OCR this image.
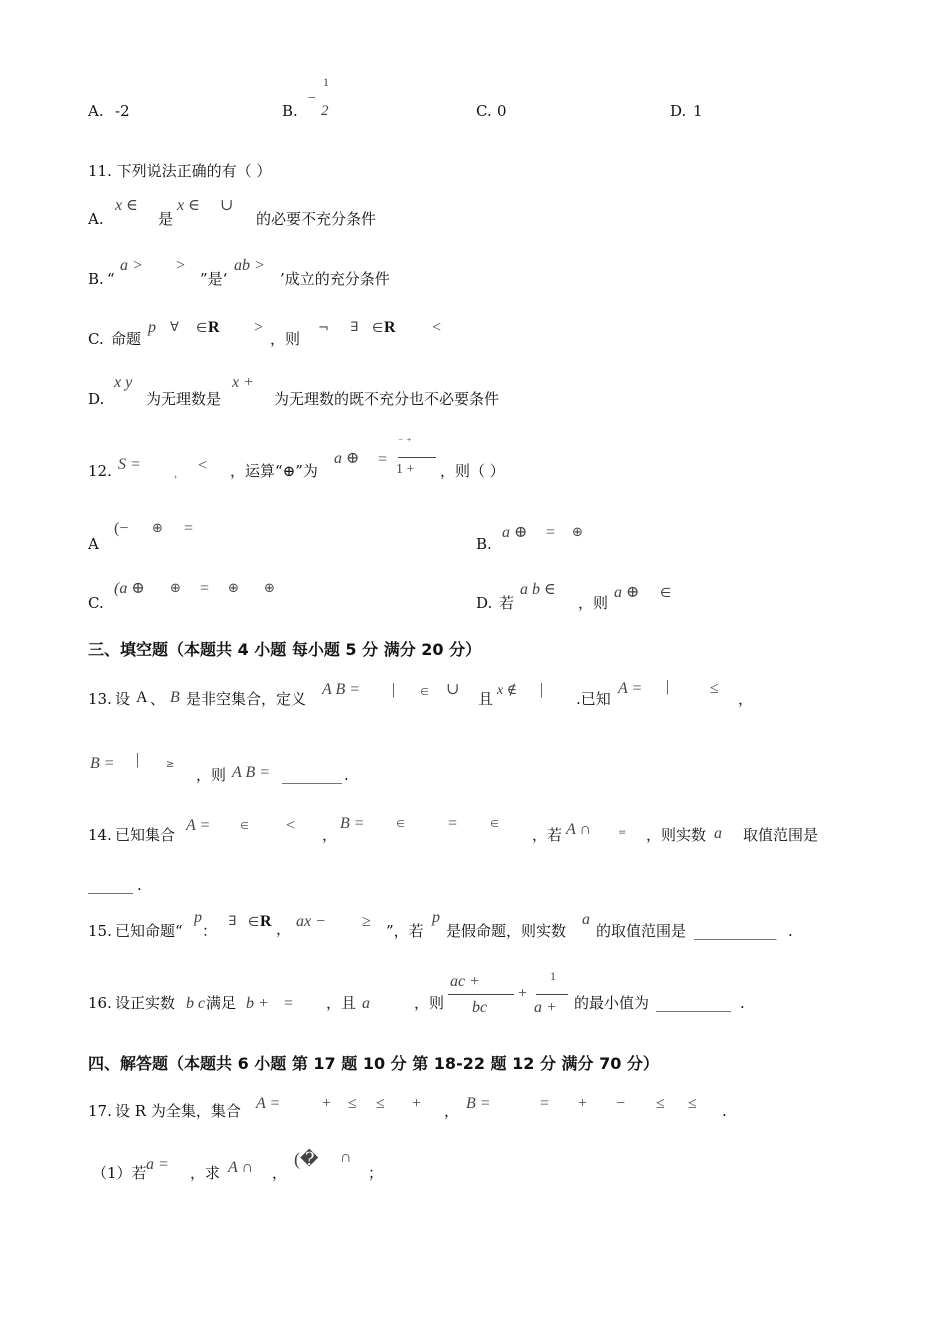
A. -2	B.
−
1
2	C. 0	D. 1
11. 下列说法正确的有（ ）
A.
x ∈
是
x ∈ ∪
的必要不充分条件
B. “
a > >
”是‘
ab >
’成立的充分条件
C. 命题
p ∀ ∈ R >
，则
¬ ∃ ∈ R <
D.
x y
为无理数是
x +
为无理数的既不充分也不必要条件
12. S =
，
< ，运算“⊕”为
a ⊕ =
⁻ ⁺
1 + ，则（ ）
A
(− ⊕ =
B.
a ⊕ = ⊕
C.
(a ⊕ ⊕ = ⊕ ⊕
D. 若
a b ∈
，则
a ⊕ ∈
三、填空题（本题共 4 小题 每小题 5 分 满分 20 分）
13. 设 A 、 B 是非空集合，定义
A B = | ∈ ∪
且 x ∉ |
.已知
A = |	≤
，
B = |	≥
，则 A B = ________ .
14. 已知集合
A =	∈ <
，
B =	∈	=	∈
，若 A ∩	= ，则实数 a 取值范围是
______ .
15. 已知命题“
p
：
∃ ∈ R ， ax − ≥
”，若
p
是假命题，则实数
a
的取值范围是 ___________ .
16. 设正实数 b c 满足 b + = ，且 a	，则
ac +
bc
+
1
a + 的最小值为 __________ .
四、解答题（本题共 6 小题 第 17 题 10 分 第 18-22 题 12 分 满分 70 分）
17. 设 R 为全集，集合 A =	+ ≤ ≤ + ， B =	= + − ≤ ≤ .
（1）若 a = ，求 A ∩ ，
(� ∩
；
